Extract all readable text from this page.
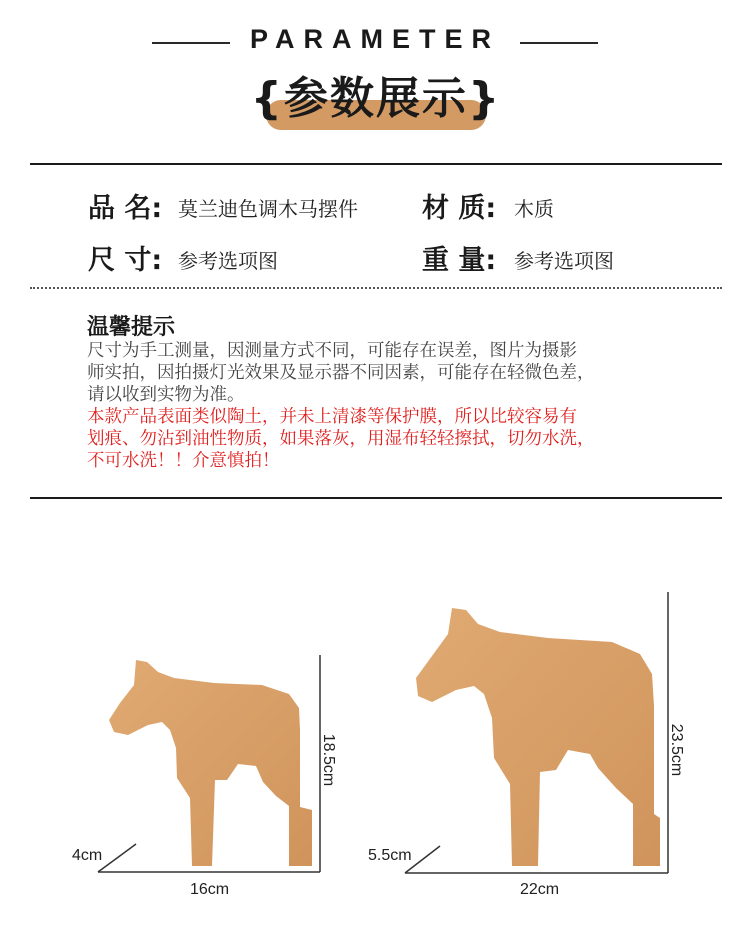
PARAMETER
{参数展示}
品 名: 莫兰迪色调木马摆件 材 质: 木质
尺 寸: 参考选项图	重 量: 参考选项图
温馨提示
尺寸为手工测量，因测量方式不同，可能存在误差，图片为摄影
师实拍，因拍摄灯光效果及显示器不同因素，可能存在轻微色差，
请以收到实物为准。
本款产品表面类似陶土，并未上清漆等保护膜，所以比较容易有
划痕、勿沾到油性物质，如果落灰，用湿布轻轻擦拭，切勿水洗，
不可水洗！！介意慎拍！
4cm
16cm
18.5cm
5.5cm
22cm
23.5cm
